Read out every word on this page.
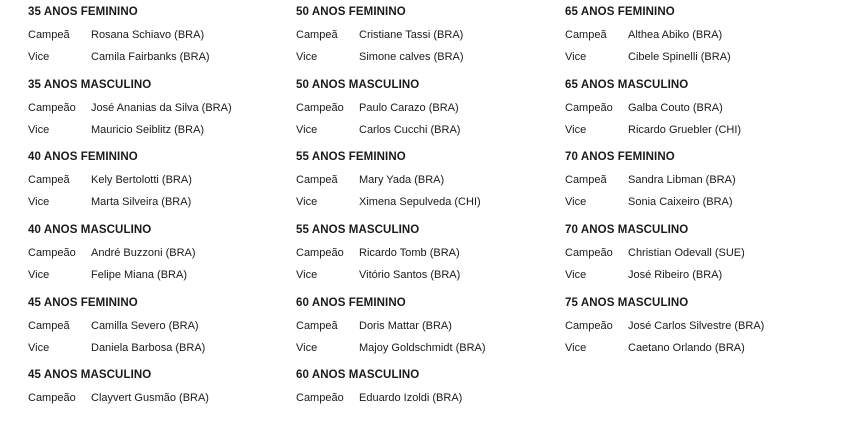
35 ANOS FEMININO
Campeã Rosana Schiavo (BRA)
Vice	Camila Fairbanks (BRA)
35 ANOS MASCULINO
Campeão José Ananias da Silva (BRA)
Vice	Mauricio Seiblitz (BRA)
40 ANOS FEMININO
Campeã Kely Bertolotti (BRA)
Vice	Marta Silveira (BRA)
40 ANOS MASCULINO
Campeão André Buzzoni (BRA)
Vice	Felipe Miana (BRA)
45 ANOS FEMININO
Campeã Camilla Severo (BRA)
Vice	Daniela Barbosa (BRA)
45 ANOS MASCULINO
Campeão Clayvert Gusmão (BRA)
50 ANOS FEMININO
Campeã Cristiane Tassi (BRA)
Vice	Simone calves (BRA)
50 ANOS MASCULINO
Campeão Paulo Carazo (BRA)
Vice	Carlos Cucchi (BRA)
55 ANOS FEMININO
Campeã Mary Yada (BRA)
Vice	Ximena Sepulveda (CHI)
55 ANOS MASCULINO
Campeão Ricardo Tomb (BRA)
Vice	Vitório Santos (BRA)
60 ANOS FEMININO
Campeã Doris Mattar (BRA)
Vice	Majoy Goldschmidt (BRA)
60 ANOS MASCULINO
Campeão Eduardo Izoldi (BRA)
65 ANOS FEMININO
Campeã Althea Abiko (BRA)
Vice	Cibele Spinelli (BRA)
65 ANOS MASCULINO
Campeão Galba Couto (BRA)
Vice	Ricardo Gruebler (CHI)
70 ANOS FEMININO
Campeã Sandra Libman (BRA)
Vice	Sonia Caixeiro (BRA)
70 ANOS MASCULINO
Campeão Christian Odevall (SUE)
Vice	José Ribeiro (BRA)
75 ANOS MASCULINO
Campeão José Carlos Silvestre (BRA)
Vice	Caetano Orlando (BRA)
